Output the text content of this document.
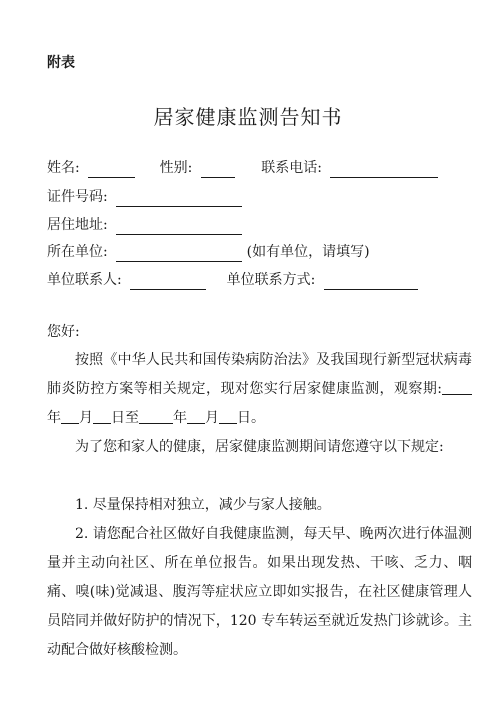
附表
居家健康监测告知书
姓名:	性别:	联系电话:
证件号码:
居住地址:
所在单位:	(如有单位，请填写)
单位联系人:	单位联系方式:
您好:
按照《中华人民共和国传染病防治法》及我国现行新型冠状病毒肺炎防控方案等相关规定，现对您实行居家健康监测，观察期:年 月 日至 年 月 日。
为了您和家人的健康，居家健康监测期间请您遵守以下规定:
1. 尽量保持相对独立，减少与家人接触。
2. 请您配合社区做好自我健康监测，每天早、晚两次进行体温测量并主动向社区、所在单位报告。如果出现发热、干咳、乏力、咽痛、嗅(味)觉减退、腹泻等症状应立即如实报告，在社区健康管理人员陪同并做好防护的情况下，120 专车转运至就近发热门诊就诊。主动配合做好核酸检测。
